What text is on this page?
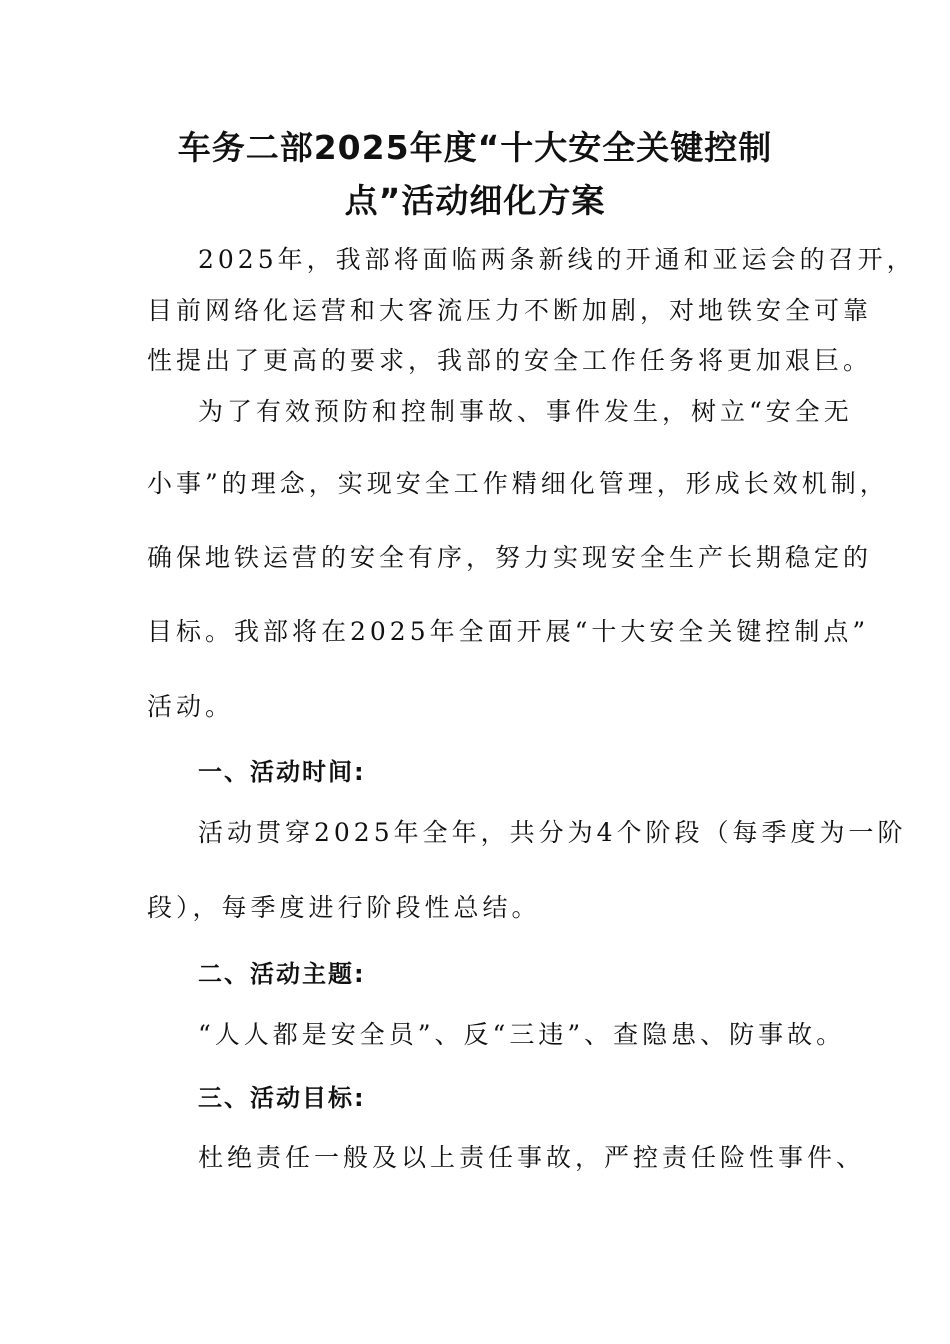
车务二部2025年度“十大安全关键控制
点”活动细化方案
2025年，我部将面临两条新线的开通和亚运会的召开，
目前网络化运营和大客流压力不断加剧，对地铁安全可靠
性提出了更高的要求，我部的安全工作任务将更加艰巨。
为了有效预防和控制事故、事件发生，树立“安全无
小事”的理念，实现安全工作精细化管理，形成长效机制，
确保地铁运营的安全有序，努力实现安全生产长期稳定的
目标。我部将在2025年全面开展“十大安全关键控制点”
活动。
一、活动时间:
活动贯穿2025年全年，共分为4个阶段（每季度为一阶
段），每季度进行阶段性总结。
二、活动主题:
“人人都是安全员”、反“三违”、查隐患、防事故。
三、活动目标:
杜绝责任一般及以上责任事故，严控责任险性事件、
